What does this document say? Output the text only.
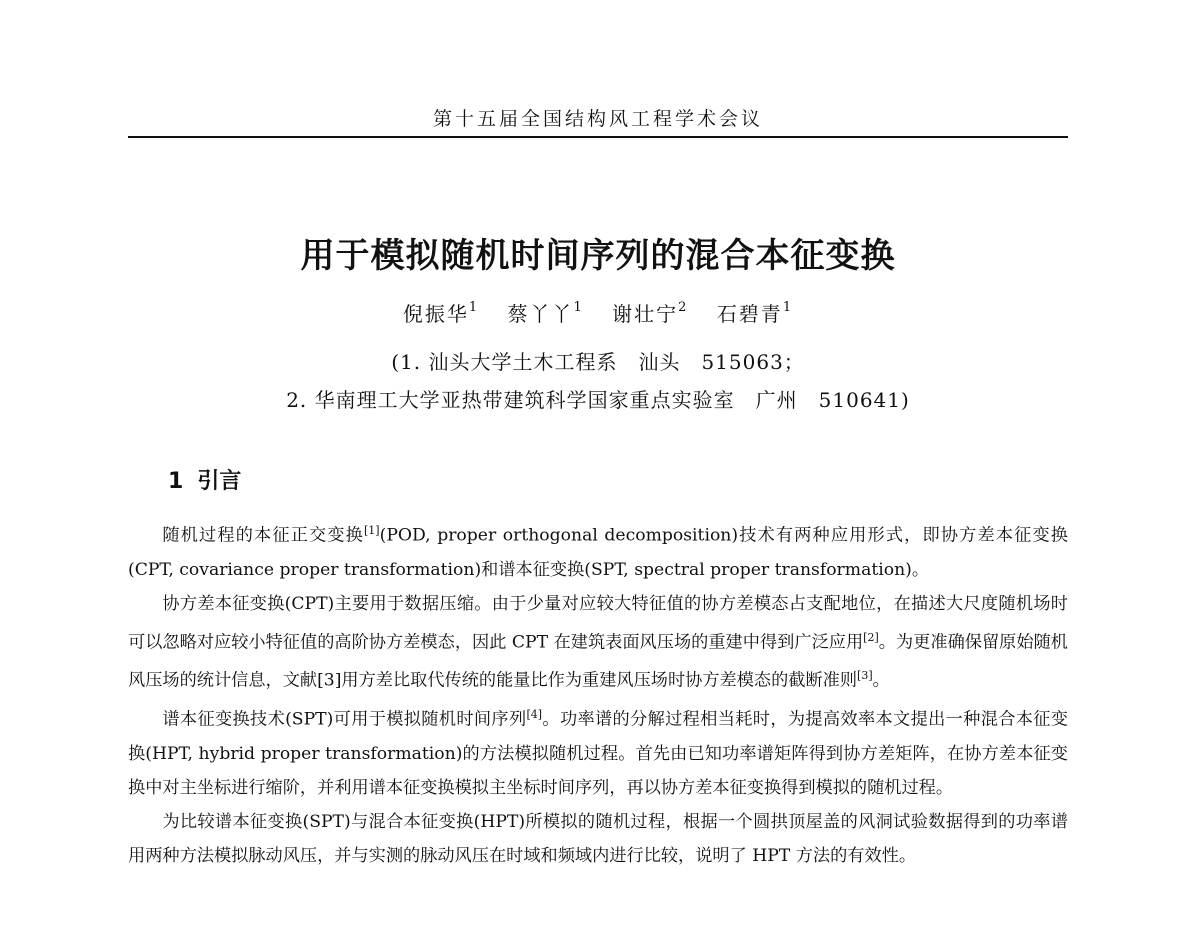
第十五届全国结构风工程学术会议
用于模拟随机时间序列的混合本征变换
倪振华$^1$ 蔡丫丫$^1$ 谢壮宁$^2$ 石碧青$^1$
(1. 汕头大学土木工程系　汕头　515063；
2. 华南理工大学亚热带建筑科学国家重点实验室　广州　510641)
1 引言

随机过程的本征正交变换[1](POD, proper orthogonal decomposition)技术有两种应用形式，即协方差本征变换(CPT, covariance proper transformation)和谱本征变换(SPT, spectral proper transformation)。

协方差本征变换(CPT)主要用于数据压缩。由于少量对应较大特征值的协方差模态占支配地位，在描述大尺度随机场时可以忽略对应较小特征值的高阶协方差模态，因此 CPT 在建筑表面风压场的重建中得到广泛应用[2]。为更准确保留原始随机风压场的统计信息，文献[3]用方差比取代传统的能量比作为重建风压场时协方差模态的截断准则[3]。

谱本征变换技术(SPT)可用于模拟随机时间序列[4]。功率谱的分解过程相当耗时，为提高效率本文提出一种混合本征变换(HPT, hybrid proper transformation)的方法模拟随机过程。首先由已知功率谱矩阵得到协方差矩阵，在协方差本征变换中对主坐标进行缩阶，并利用谱本征变换模拟主坐标时间序列，再以协方差本征变换得到模拟的随机过程。

为比较谱本征变换(SPT)与混合本征变换(HPT)所模拟的随机过程，根据一个圆拱顶屋盖的风洞试验数据得到的功率谱用两种方法模拟脉动风压，并与实测的脉动风压在时域和频域内进行比较，说明了 HPT 方法的有效性。
